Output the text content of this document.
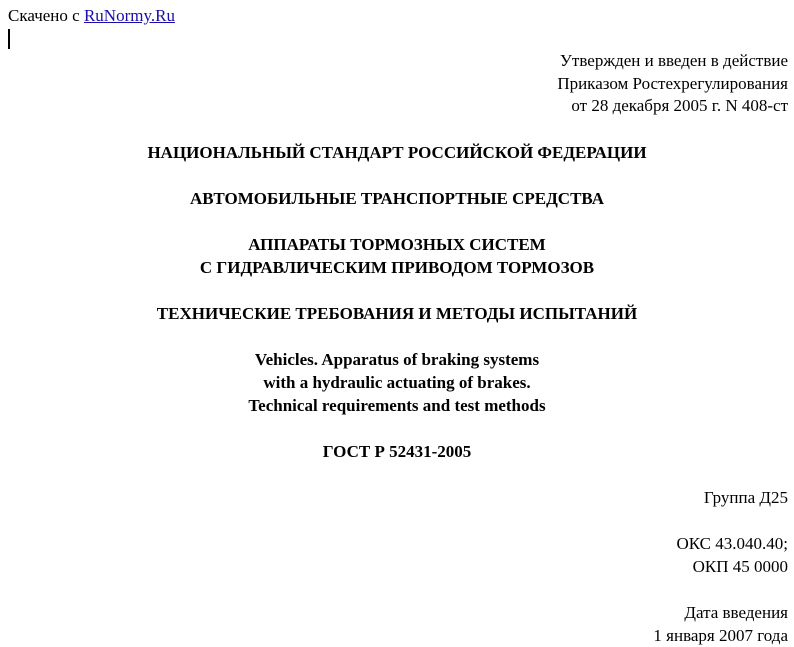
Скачено с RuNormy.Ru
Утвержден и введен в действие
Приказом Ростехрегулирования
от 28 декабря 2005 г. N 408-ст
НАЦИОНАЛЬНЫЙ СТАНДАРТ РОССИЙСКОЙ ФЕДЕРАЦИИ
АВТОМОБИЛЬНЫЕ ТРАНСПОРТНЫЕ СРЕДСТВА
АППАРАТЫ ТОРМОЗНЫХ СИСТЕМ
С ГИДРАВЛИЧЕСКИМ ПРИВОДОМ ТОРМОЗОВ
ТЕХНИЧЕСКИЕ ТРЕБОВАНИЯ И МЕТОДЫ ИСПЫТАНИЙ
Vehicles. Apparatus of braking systems
with a hydraulic actuating of brakes.
Technical requirements and test methods
ГОСТ Р 52431-2005
Группа Д25
ОКС 43.040.40;
ОКП 45 0000
Дата введения
1 января 2007 года
